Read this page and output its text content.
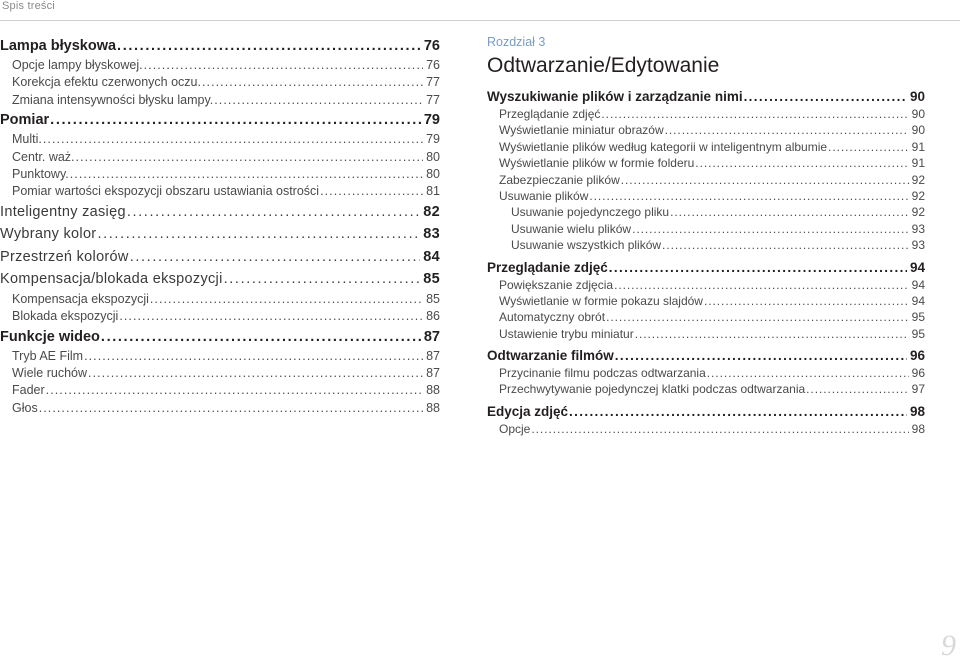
Spis treści
Lampa błyskowa . . .	76
Opcje lampy błyskowej. . . .	76
Korekcja efektu czerwonych oczu. . . .	77
Zmiana intensywności błysku lampy. . . .	77
Pomiar . . .	79
Multi. . . .	79
Centr. waż. . . .	80
Punktowy. . . .	80
Pomiar wartości ekspozycji obszaru ustawiania ostrości . . .	81
Inteligentny zasięg . . .	82
Wybrany kolor . . .	83
Przestrzeń kolorów . . .	84
Kompensacja/blokada ekspozycji . . .	85
Kompensacja ekspozycji . . .	85
Blokada ekspozycji . . .	86
Funkcje wideo . . .	87
Tryb AE Film . . .	87
Wiele ruchów . . .	87
Fader . . .	88
Głos . . .	88
Rozdział 3
Odtwarzanie/Edytowanie
Wyszukiwanie plików i zarządzanie nimi . . .	90
Przeglądanie zdjęć . . .	90
Wyświetlanie miniatur obrazów . . .	90
Wyświetlanie plików według kategorii w inteligentnym albumie . . .	91
Wyświetlanie plików w formie folderu . . .	91
Zabezpieczanie plików . . .	92
Usuwanie plików . . .	92
Usuwanie pojedynczego pliku . . .	92
Usuwanie wielu plików . . .	93
Usuwanie wszystkich plików . . .	93
Przeglądanie zdjęć . . .	94
Powiększanie zdjęcia . . .	94
Wyświetlanie w formie pokazu slajdów . . .	94
Automatyczny obrót . . .	95
Ustawienie trybu miniatur . . .	95
Odtwarzanie filmów . . .	96
Przycinanie filmu podczas odtwarzania . . .	96
Przechwytywanie pojedynczej klatki podczas odtwarzania . . .	97
Edycja zdjęć . . .	98
Opcje . . .	98
9
